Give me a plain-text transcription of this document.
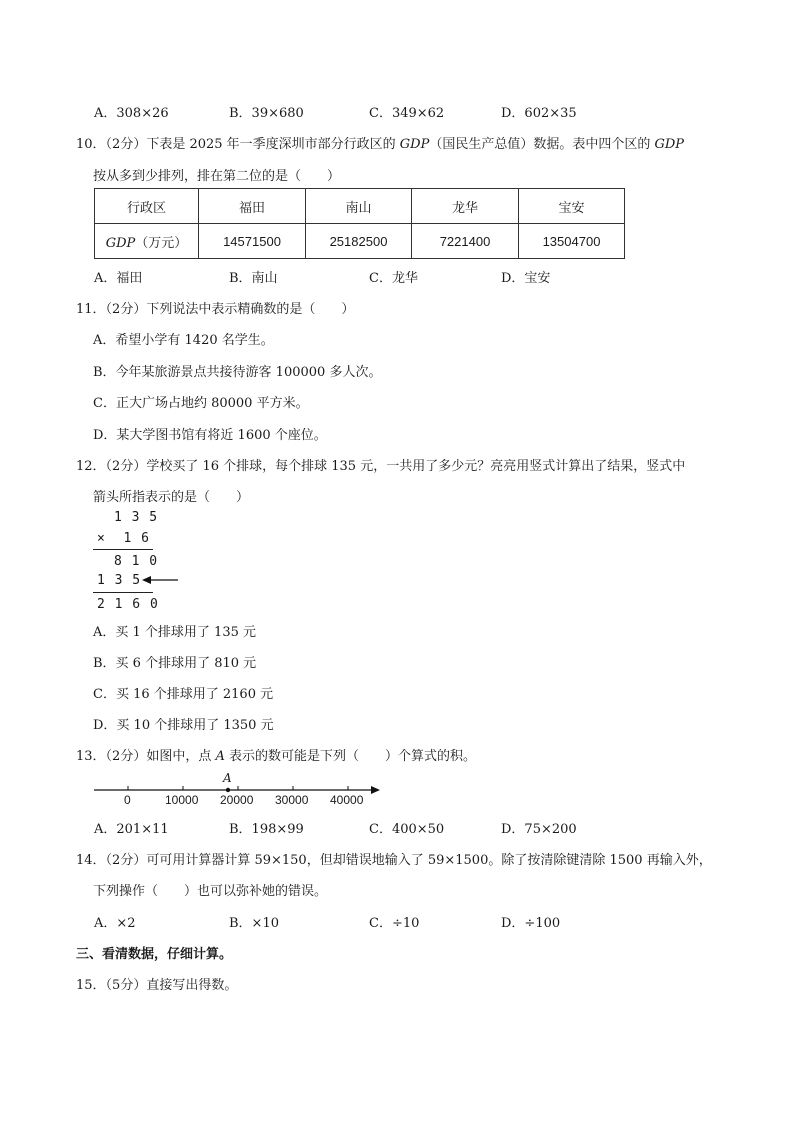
A．308×26	B．39×680	C．349×62	D．602×35
10．（2分）下表是 2025 年一季度深圳市部分行政区的 GDP（国民生产总值）数据。表中四个区的 GDP
按从多到少排列，排在第二位的是（　　）
行政区	福田	南山	龙华	宝安
GDP（万元）	14571500	25182500	7221400	13504700
A．福田	B．南山	C．龙华	D．宝安
11．（2分）下列说法中表示精确数的是（　　）
A．希望小学有 1420 名学生。
B．今年某旅游景点共接待游客 100000 多人次。
C．正大广场占地约 80000 平方米。
D．某大学图书馆有将近 1600 个座位。
12．（2分）学校买了 16 个排球，每个排球 135 元，一共用了多少元？亮亮用竖式计算出了结果，竖式中
箭头所指表示的是（　　）
1 3 5
×  1 6
8 1 0
1 3 5
2 1 6 0
A．买 1 个排球用了 135 元
B．买 6 个排球用了 810 元
C．买 16 个排球用了 2160 元
D．买 10 个排球用了 1350 元
13．（2分）如图中，点 A 表示的数可能是下列（　　）个算式的积。
A
0	10000 20000 30000 40000
A．201×11	B．198×99	C．400×50	D．75×200
14．（2分）可可用计算器计算 59×150，但却错误地输入了 59×1500。除了按清除键清除 1500 再输入外，
下列操作（　　）也可以弥补她的错误。
A．×2	B．×10	C．÷10	D．÷100
三、看清数据，仔细计算。
15．（5分）直接写出得数。
